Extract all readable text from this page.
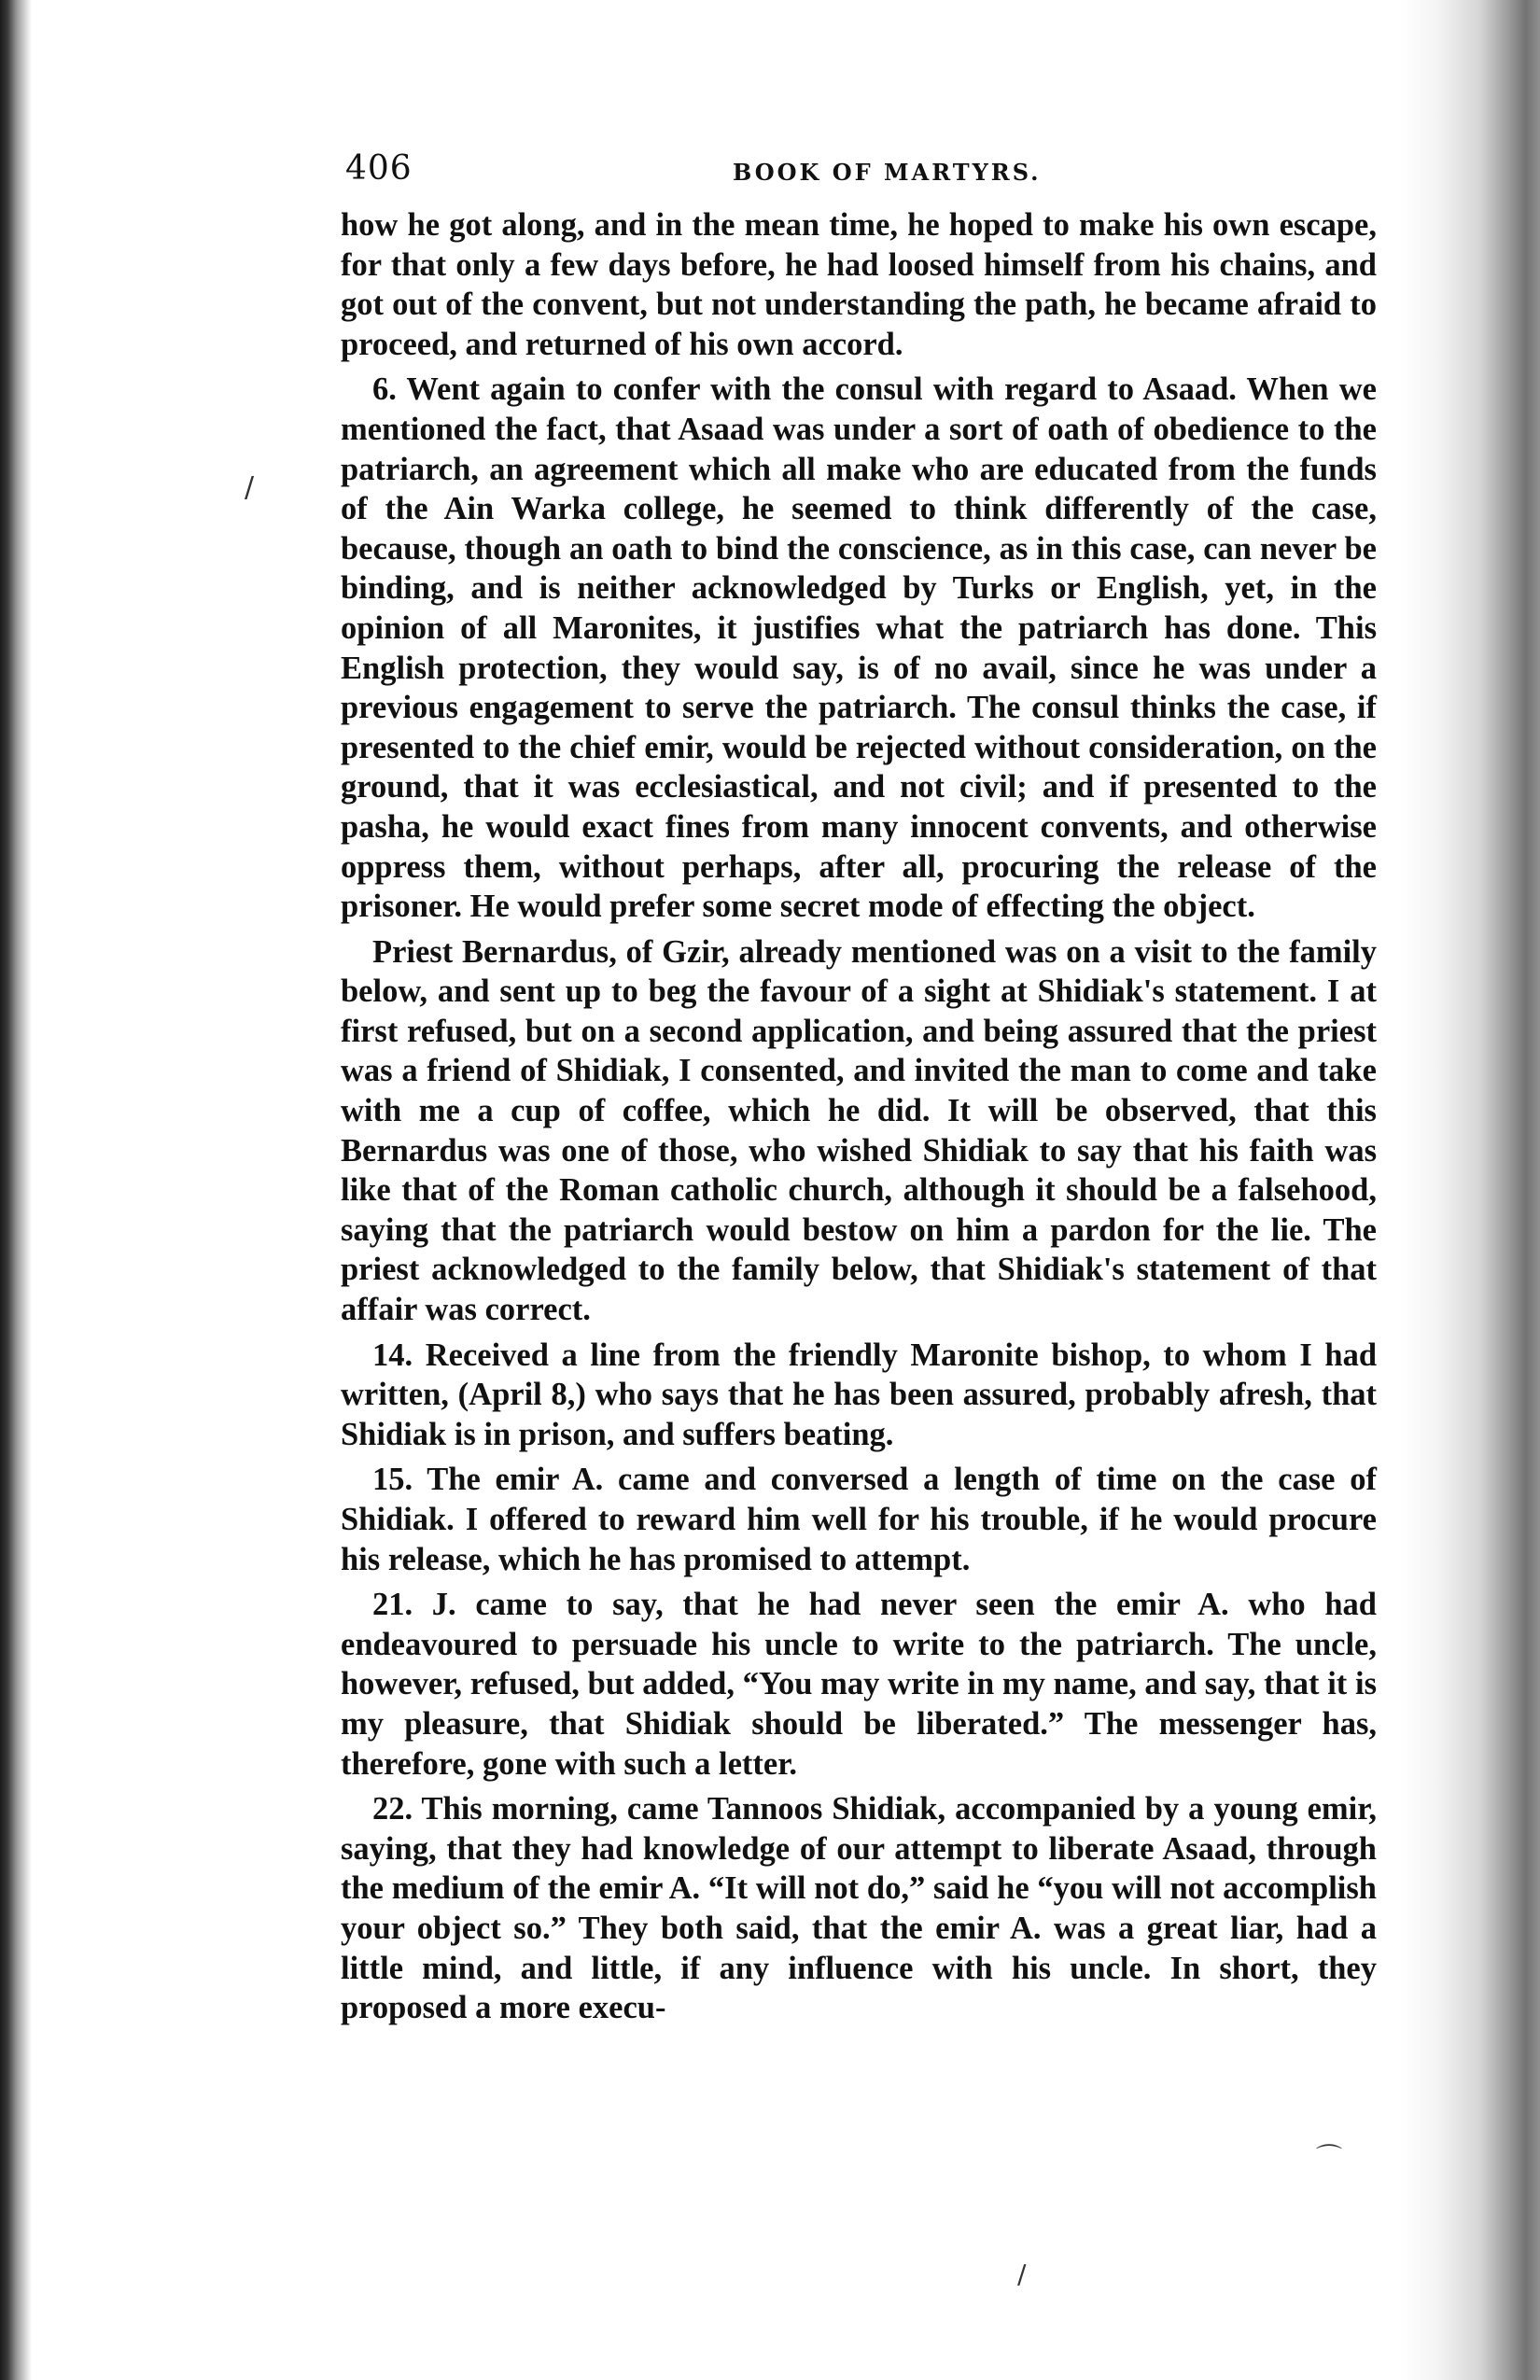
406	BOOK OF MARTYRS.

how he got along, and in the mean time, he hoped to make his own escape, for that only a few days before, he had loosed himself from his chains, and got out of the convent, but not understanding the path, he became afraid to proceed, and returned of his own accord.

6. Went again to confer with the consul with regard to Asaad. When we mentioned the fact, that Asaad was under a sort of oath of obedience to the patriarch, an agreement which all make who are educated from the funds of the Ain Warka college, he seemed to think differently of the case, because, though an oath to bind the conscience, as in this case, can never be binding, and is neither acknowledged by Turks or English, yet, in the opinion of all Maronites, it justifies what the patriarch has done. This English protection, they would say, is of no avail, since he was under a previous engagement to serve the patriarch. The consul thinks the case, if presented to the chief emir, would be rejected without consideration, on the ground, that it was ecclesiastical, and not civil; and if presented to the pasha, he would exact fines from many innocent convents, and otherwise oppress them, without perhaps, after all, procuring the release of the prisoner. He would prefer some secret mode of effecting the object.

Priest Bernardus, of Gzir, already mentioned was on a visit to the family below, and sent up to beg the favour of a sight at Shidiak's statement. I at first refused, but on a second application, and being assured that the priest was a friend of Shidiak, I consented, and invited the man to come and take with me a cup of coffee, which he did. It will be observed, that this Bernardus was one of those, who wished Shidiak to say that his faith was like that of the Roman catholic church, although it should be a falsehood, saying that the patriarch would bestow on him a pardon for the lie. The priest acknowledged to the family below, that Shidiak's statement of that affair was correct.

14. Received a line from the friendly Maronite bishop, to whom I had written, (April 8,) who says that he has been assured, probably afresh, that Shidiak is in prison, and suffers beating.

15. The emir A. came and conversed a length of time on the case of Shidiak. I offered to reward him well for his trouble, if he would procure his release, which he has promised to attempt.

21. J. came to say, that he had never seen the emir A. who had endeavoured to persuade his uncle to write to the patriarch. The uncle, however, refused, but added, “You may write in my name, and say, that it is my pleasure, that Shidiak should be liberated.” The messenger has, therefore, gone with such a letter.

22. This morning, came Tannoos Shidiak, accompanied by a young emir, saying, that they had knowledge of our attempt to liberate Asaad, through the medium of the emir A. “It will not do,” said he “you will not accomplish your object so.” They both said, that the emir A. was a great liar, had a little mind, and little, if any influence with his uncle. In short, they proposed a more execu-

/
⌒
/
